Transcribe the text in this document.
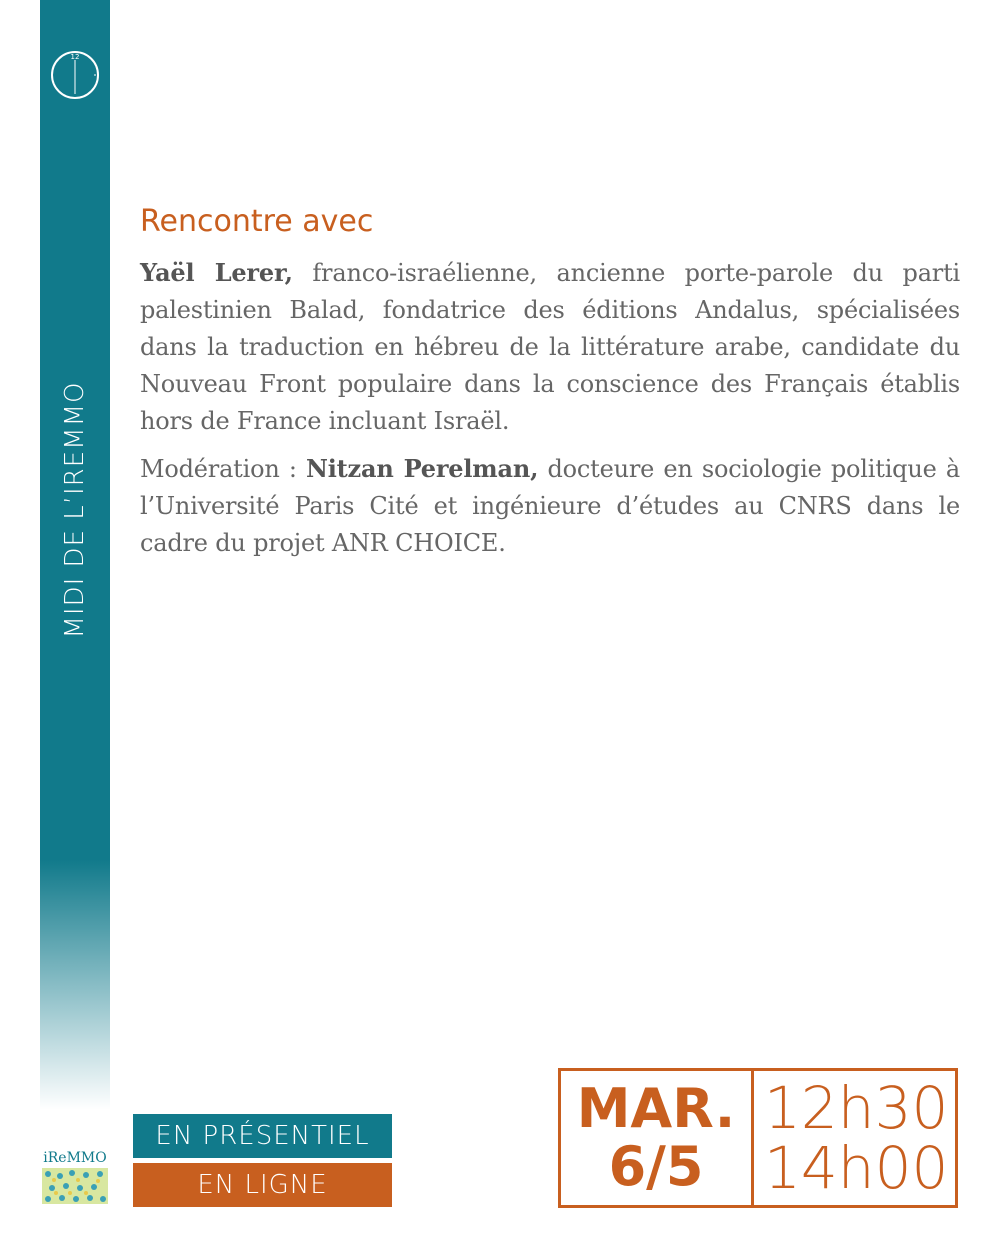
12
MIDI DE L’IREMMO
Rencontre avec

Yaël Lerer, franco-israélienne, ancienne porte-parole du parti palestinien Balad, fondatrice des éditions Andalus, spécialisées dans la traduction en hébreu de la littérature arabe, candidate du Nouveau Front populaire dans la conscience des Français établis hors de France incluant Israël.

Modération : Nitzan Perelman, docteure en sociologie politique à l’Université Paris Cité et ingénieure d’études au CNRS dans le cadre du projet ANR CHOICE.

iReMMO
EN PRÉSENTIEL
EN LIGNE
MAR.
6/5
12h30
14h00
